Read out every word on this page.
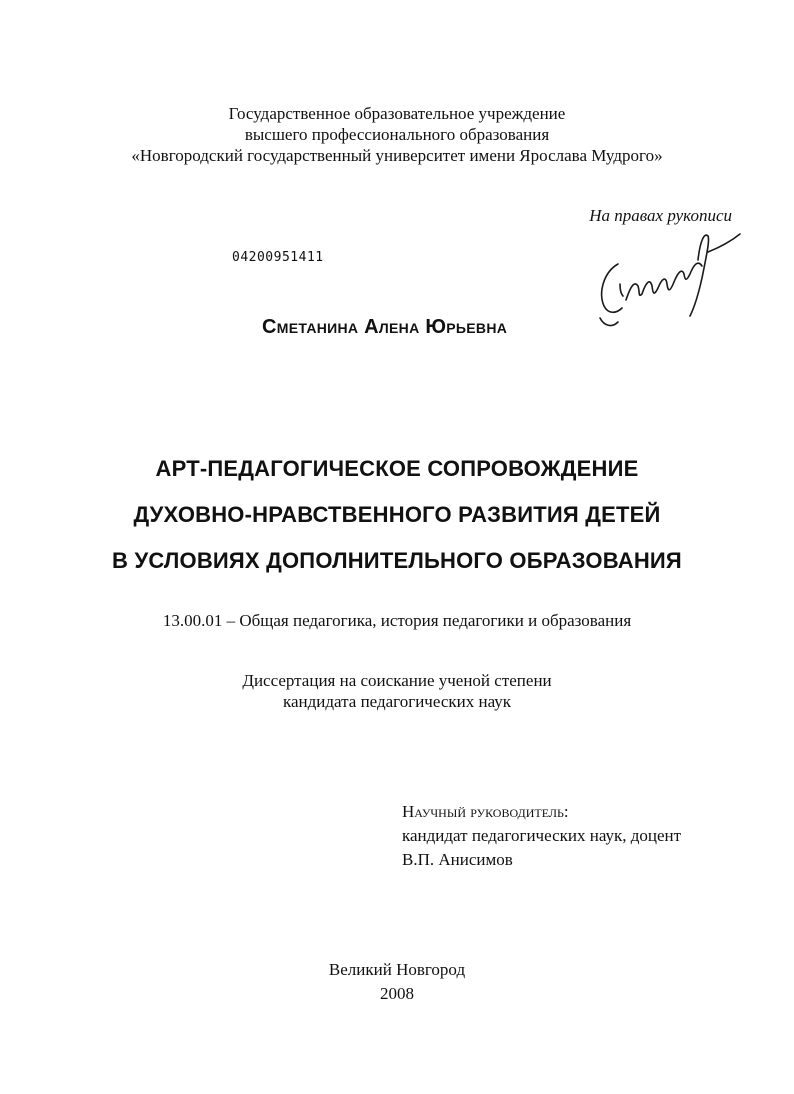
Государственное образовательное учреждение
высшего профессионального образования
«Новгородский государственный университет имени Ярослава Мудрого»
На правах рукописи
04200951411
Сметанина Алена Юрьевна
АРТ-ПЕДАГОГИЧЕСКОЕ СОПРОВОЖДЕНИЕ
ДУХОВНО-НРАВСТВЕННОГО РАЗВИТИЯ ДЕТЕЙ
В УСЛОВИЯХ ДОПОЛНИТЕЛЬНОГО ОБРАЗОВАНИЯ
13.00.01 – Общая педагогика, история педагогики и образования
Диссертация на соискание ученой степени
кандидата педагогических наук
Научный руководитель:
кандидат педагогических наук, доцент
В.П. Анисимов
Великий Новгород
2008
